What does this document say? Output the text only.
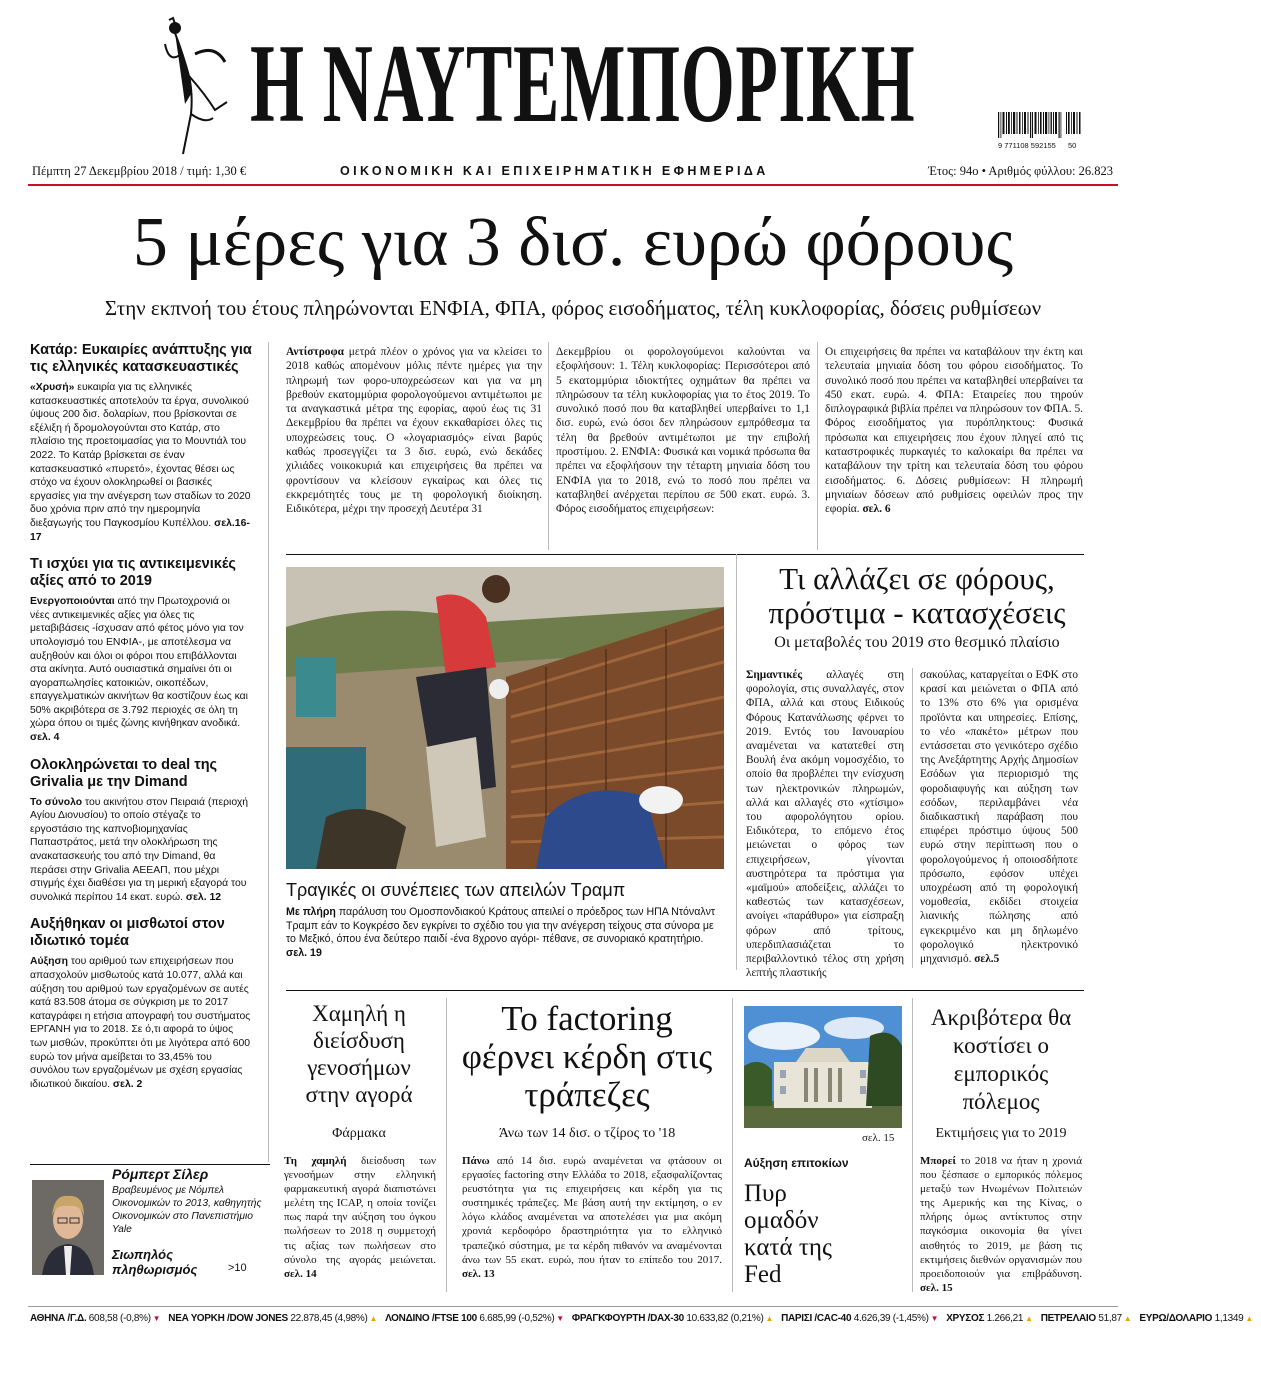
Η ΝΑΥΤΕΜΠΟΡΙΚΗ	9 771108 592155 50
Πέμπτη 27 Δεκεμβρίου 2018 / τιμή: 1,30 €	ΟΙΚΟΝΟΜΙΚΗ ΚΑΙ ΕΠΙΧΕΙΡΗΜΑΤΙΚΗ ΕΦΗΜΕΡΙΔΑ	Έτος: 94ο • Αριθμός φύλλου: 26.823
5 μέρες για 3 δισ. ευρώ φόρους
Στην εκπνοή του έτους πληρώνονται ΕΝΦΙΑ, ΦΠΑ, φόρος εισοδήματος, τέλη κυκλοφορίας, δόσεις ρυθμίσεων
Κατάρ: Ευκαιρίες ανάπτυξης για τις ελληνικές κατασκευαστικές
«Χρυσή» ευκαιρία για τις ελληνικές κατασκευαστικές αποτελούν τα έργα, συνολικού ύψους 200 δισ. δολαρίων, που βρίσκονται σε εξέλιξη ή δρομολογούνται στο Κατάρ, στο πλαίσιο της προετοιμασίας για το Μουντιάλ του 2022. Το Κατάρ βρίσκεται σε έναν κατασκευαστικό «πυρετό», έχοντας θέσει ως στόχο να έχουν ολοκληρωθεί οι βασικές εργασίες για την ανέγερση των σταδίων το 2020 δυο χρόνια πριν από την ημερομηνία διεξαγωγής του Παγκοσμίου Κυπέλλου. σελ.16-17
Τι ισχύει για τις αντικειμενικές αξίες από το 2019
Ενεργοποιούνται από την Πρωτοχρονιά οι νέες αντικειμενικές αξίες για όλες τις μεταβιβάσεις -ίσχυσαν από φέτος μόνο για τον υπολογισμό του ΕΝΦΙΑ-, με αποτέλεσμα να αυξηθούν και όλοι οι φόροι που επιβάλλονται στα ακίνητα. Αυτό ουσιαστικά σημαίνει ότι οι αγοραπωλησίες κατοικιών, οικοπέδων, επαγγελματικών ακινήτων θα κοστίζουν έως και 50% ακριβότερα σε 3.792 περιοχές σε όλη τη χώρα όπου οι τιμές ζώνης κινήθηκαν ανοδικά. σελ. 4
Ολοκληρώνεται το deal της Grivalia με την Dimand
Το σύνολο του ακινήτου στον Πειραιά (περιοχή Αγίου Διονυσίου) το οποίο στέγαζε το εργοστάσιο της καπνοβιομηχανίας Παπαστράτος, μετά την ολοκλήρωση της ανακατασκευής του από την Dimand, θα περάσει στην Grivalia ΑΕΕΑΠ, που μέχρι στιγμής έχει διαθέσει για τη μερική εξαγορά του συνολικά περίπου 14 εκατ. ευρώ. σελ. 12
Αυξήθηκαν οι μισθωτοί στον ιδιωτικό τομέα
Αύξηση του αριθμού των επιχειρήσεων που απασχολούν μισθωτούς κατά 10.077, αλλά και αύξηση του αριθμού των εργαζομένων σε αυτές κατά 83.508 άτομα σε σύγκριση με το 2017 καταγράφει η ετήσια απογραφή του συστήματος ΕΡΓΑΝΗ για το 2018. Σε ό,τι αφορά το ύψος των μισθών, προκύπτει ότι με λιγότερα από 600 ευρώ τον μήνα αμείβεται το 33,45% του συνόλου των εργαζομένων με σχέση εργασίας ιδιωτικού δικαίου. σελ. 2
Αντίστροφα μετρά πλέον ο χρόνος για να κλείσει το 2018 καθώς απομένουν μόλις πέντε ημέρες για την πληρωμή των φορο-υποχρεώσεων και για να μη βρεθούν εκατομμύρια φορολογούμενοι αντιμέτωποι με τα αναγκαστικά μέτρα της εφορίας, αφού έως τις 31 Δεκεμβρίου θα πρέπει να έχουν εκκαθαρίσει όλες τις υποχρεώσεις τους. Ο «λογαριασμός» είναι βαρύς καθώς προσεγγίζει τα 3 δισ. ευρώ, ενώ δεκάδες χιλιάδες νοικοκυριά και επιχειρήσεις θα πρέπει να φροντίσουν να κλείσουν εγκαίρως και όλες τις εκκρεμότητές τους με τη φορολογική διοίκηση. Ειδικότερα, μέχρι την προσεχή Δευτέρα 31
Δεκεμβρίου οι φορολογούμενοι καλούνται να εξοφλήσουν: 1. Τέλη κυκλοφορίας: Περισσότεροι από 5 εκατομμύρια ιδιοκτήτες οχημάτων θα πρέπει να πληρώσουν τα τέλη κυκλοφορίας για το έτος 2019. Το συνολικό ποσό που θα καταβληθεί υπερβαίνει το 1,1 δισ. ευρώ, ενώ όσοι δεν πληρώσουν εμπρόθεσμα τα τέλη θα βρεθούν αντιμέτωποι με την επιβολή προστίμου. 2. ΕΝΦΙΑ: Φυσικά και νομικά πρόσωπα θα πρέπει να εξοφλήσουν την τέταρτη μηνιαία δόση του ΕΝΦΙΑ για το 2018, ενώ το ποσό που πρέπει να καταβληθεί ανέρχεται περίπου σε 500 εκατ. ευρώ. 3. Φόρος εισοδήματος επιχειρήσεων:
Οι επιχειρήσεις θα πρέπει να καταβάλουν την έκτη και τελευταία μηνιαία δόση του φόρου εισοδήματος. Το συνολικό ποσό που πρέπει να καταβληθεί υπερβαίνει τα 450 εκατ. ευρώ. 4. ΦΠΑ: Εταιρείες που τηρούν διπλογραφικά βιβλία πρέπει να πληρώσουν τον ΦΠΑ. 5. Φόρος εισοδήματος για πυρόπληκτους: Φυσικά πρόσωπα και επιχειρήσεις που έχουν πληγεί από τις καταστροφικές πυρκαγιές το καλοκαίρι θα πρέπει να καταβάλουν την τρίτη και τελευταία δόση του φόρου εισοδήματος. 6. Δόσεις ρυθμίσεων: Η πληρωμή μηνιαίων δόσεων από ρυθμίσεις οφειλών προς την εφορία. σελ. 6
Τραγικές οι συνέπειες των απειλών Τραμπ
Με πλήρη παράλυση του Ομοσπονδιακού Κράτους απειλεί ο πρόεδρος των ΗΠΑ Ντόναλντ Τραμπ εάν το Κογκρέσο δεν εγκρίνει το σχέδιο του για την ανέγερση τείχους στα σύνορα με το Μεξικό, όπου ένα δεύτερο παιδί -ένα 8χρονο αγόρι- πέθανε, σε συνοριακό κρατητήριο. σελ. 19
Τι αλλάζει σε φόρους, πρόστιμα - κατασχέσεις
Οι μεταβολές του 2019 στο θεσμικό πλαίσιο
Σημαντικές αλλαγές στη φορολογία, στις συναλλαγές, στον ΦΠΑ, αλλά και στους Ειδικούς Φόρους Κατανάλωσης φέρνει το 2019. Εντός του Ιανουαρίου αναμένεται να κατατεθεί στη Βουλή ένα ακόμη νομοσχέδιο, το οποίο θα προβλέπει την ενίσχυση των ηλεκτρονικών πληρωμών, αλλά και αλλαγές στο «χτίσιμο» του αφορολόγητου ορίου. Ειδικότερα, το επόμενο έτος μειώνεται ο φόρος των επιχειρήσεων, γίνονται αυστηρότερα τα πρόστιμα για «μαϊμού» αποδείξεις, αλλάζει το καθεστώς των κατασχέσεων, ανοίγει «παράθυρο» για είσπραξη φόρων από τρίτους, υπερδιπλασιάζεται το περιβαλλοντικό τέλος στη χρήση λεπτής πλαστικής
σακούλας, καταργείται ο ΕΦΚ στο κρασί και μειώνεται ο ΦΠΑ από το 13% στο 6% για ορισμένα προϊόντα και υπηρεσίες. Επίσης, το νέο «πακέτο» μέτρων που εντάσσεται στο γενικότερο σχέδιο της Ανεξάρτητης Αρχής Δημοσίων Εσόδων για περιορισμό της φοροδιαφυγής και αύξηση των εσόδων, περιλαμβάνει νέα διαδικαστική παράβαση που επιφέρει πρόστιμο ύψους 500 ευρώ στην περίπτωση που ο φορολογούμενος ή οποιοσδήποτε πρόσωπο, εφόσον υπέχει υποχρέωση από τη φορολογική νομοθεσία, εκδίδει στοιχεία λιανικής πώλησης από εγκεκριμένο και μη δηλωμένο φορολογικό ηλεκτρονικό μηχανισμό. σελ.5
Χαμηλή η διείσδυση γενοσήμων στην αγορά
Φάρμακα
Τη χαμηλή διείσδυση των γενοσήμων στην ελληνική φαρμακευτική αγορά διαπιστώνει μελέτη της ICAP, η οποία τονίζει πως παρά την αύξηση του όγκου πωλήσεων το 2018 η συμμετοχή τις αξίας των πωλήσεων στο σύνολο της αγοράς μειώνεται. σελ. 14
Το factoring φέρνει κέρδη στις τράπεζες
Άνω των 14 δισ. ο τζίρος το '18
Πάνω από 14 δισ. ευρώ αναμένεται να φτάσουν οι εργασίες factoring στην Ελλάδα το 2018, εξασφαλίζοντας ρευστότητα για τις επιχειρήσεις και κέρδη για τις συστημικές τράπεζες. Με βάση αυτή την εκτίμηση, ο εν λόγω κλάδος αναμένεται να αποτελέσει για μια ακόμη χρονιά κερδοφόρο δραστηριότητα για το ελληνικό τραπεζικό σύστημα, με τα κέρδη πιθανόν να αναμένονται άνω των 55 εκατ. ευρώ, που ήταν το επίπεδο του 2017. σελ. 13
σελ. 15
Αύξηση επιτοκίων
Πυρ ομαδόν κατά της Fed
Ακριβότερα θα κοστίσει ο εμπορικός πόλεμος
Εκτιμήσεις για το 2019
Μπορεί το 2018 να ήταν η χρονιά που ξέσπασε ο εμπορικός πόλεμος μεταξύ των Ηνωμένων Πολιτειών της Αμερικής και της Κίνας, ο πλήρης όμως αντίκτυπος στην παγκόσμια οικονομία θα γίνει αισθητός το 2019, με βάση τις εκτιμήσεις διεθνών οργανισμών που προειδοποιούν για επιβράδυνση. σελ. 15
Ρόμπερτ Σίλερ
Βραβευμένος με Νόμπελ Οικονομικών το 2013, καθηγητής Οικονομικών στο Πανεπιστήμιο Yale
Σιωπηλός πληθωρισμός	>10
ΑΘΗΝΑ /Γ.Δ. 608,58 (-0,8%) ▼ ΝΕΑ ΥΟΡΚΗ /DOW JONES 22.878,45 (4,98%) ▲ ΛΟΝΔΙΝΟ /FTSE 100 6.685,99 (-0,52%) ▼ ΦΡΑΓΚΦΟΥΡΤΗ /DAX-30 10.633,82 (0,21%) ▲ ΠΑΡΙΣΙ /CAC-40 4.626,39 (-1,45%) ▼ ΧΡΥΣΟΣ 1.266,21 ▲ ΠΕΤΡΕΛΑΙΟ 51,87 ▲ ΕΥΡΩ/ΔΟΛΑΡΙΟ 1,1349 ▲
